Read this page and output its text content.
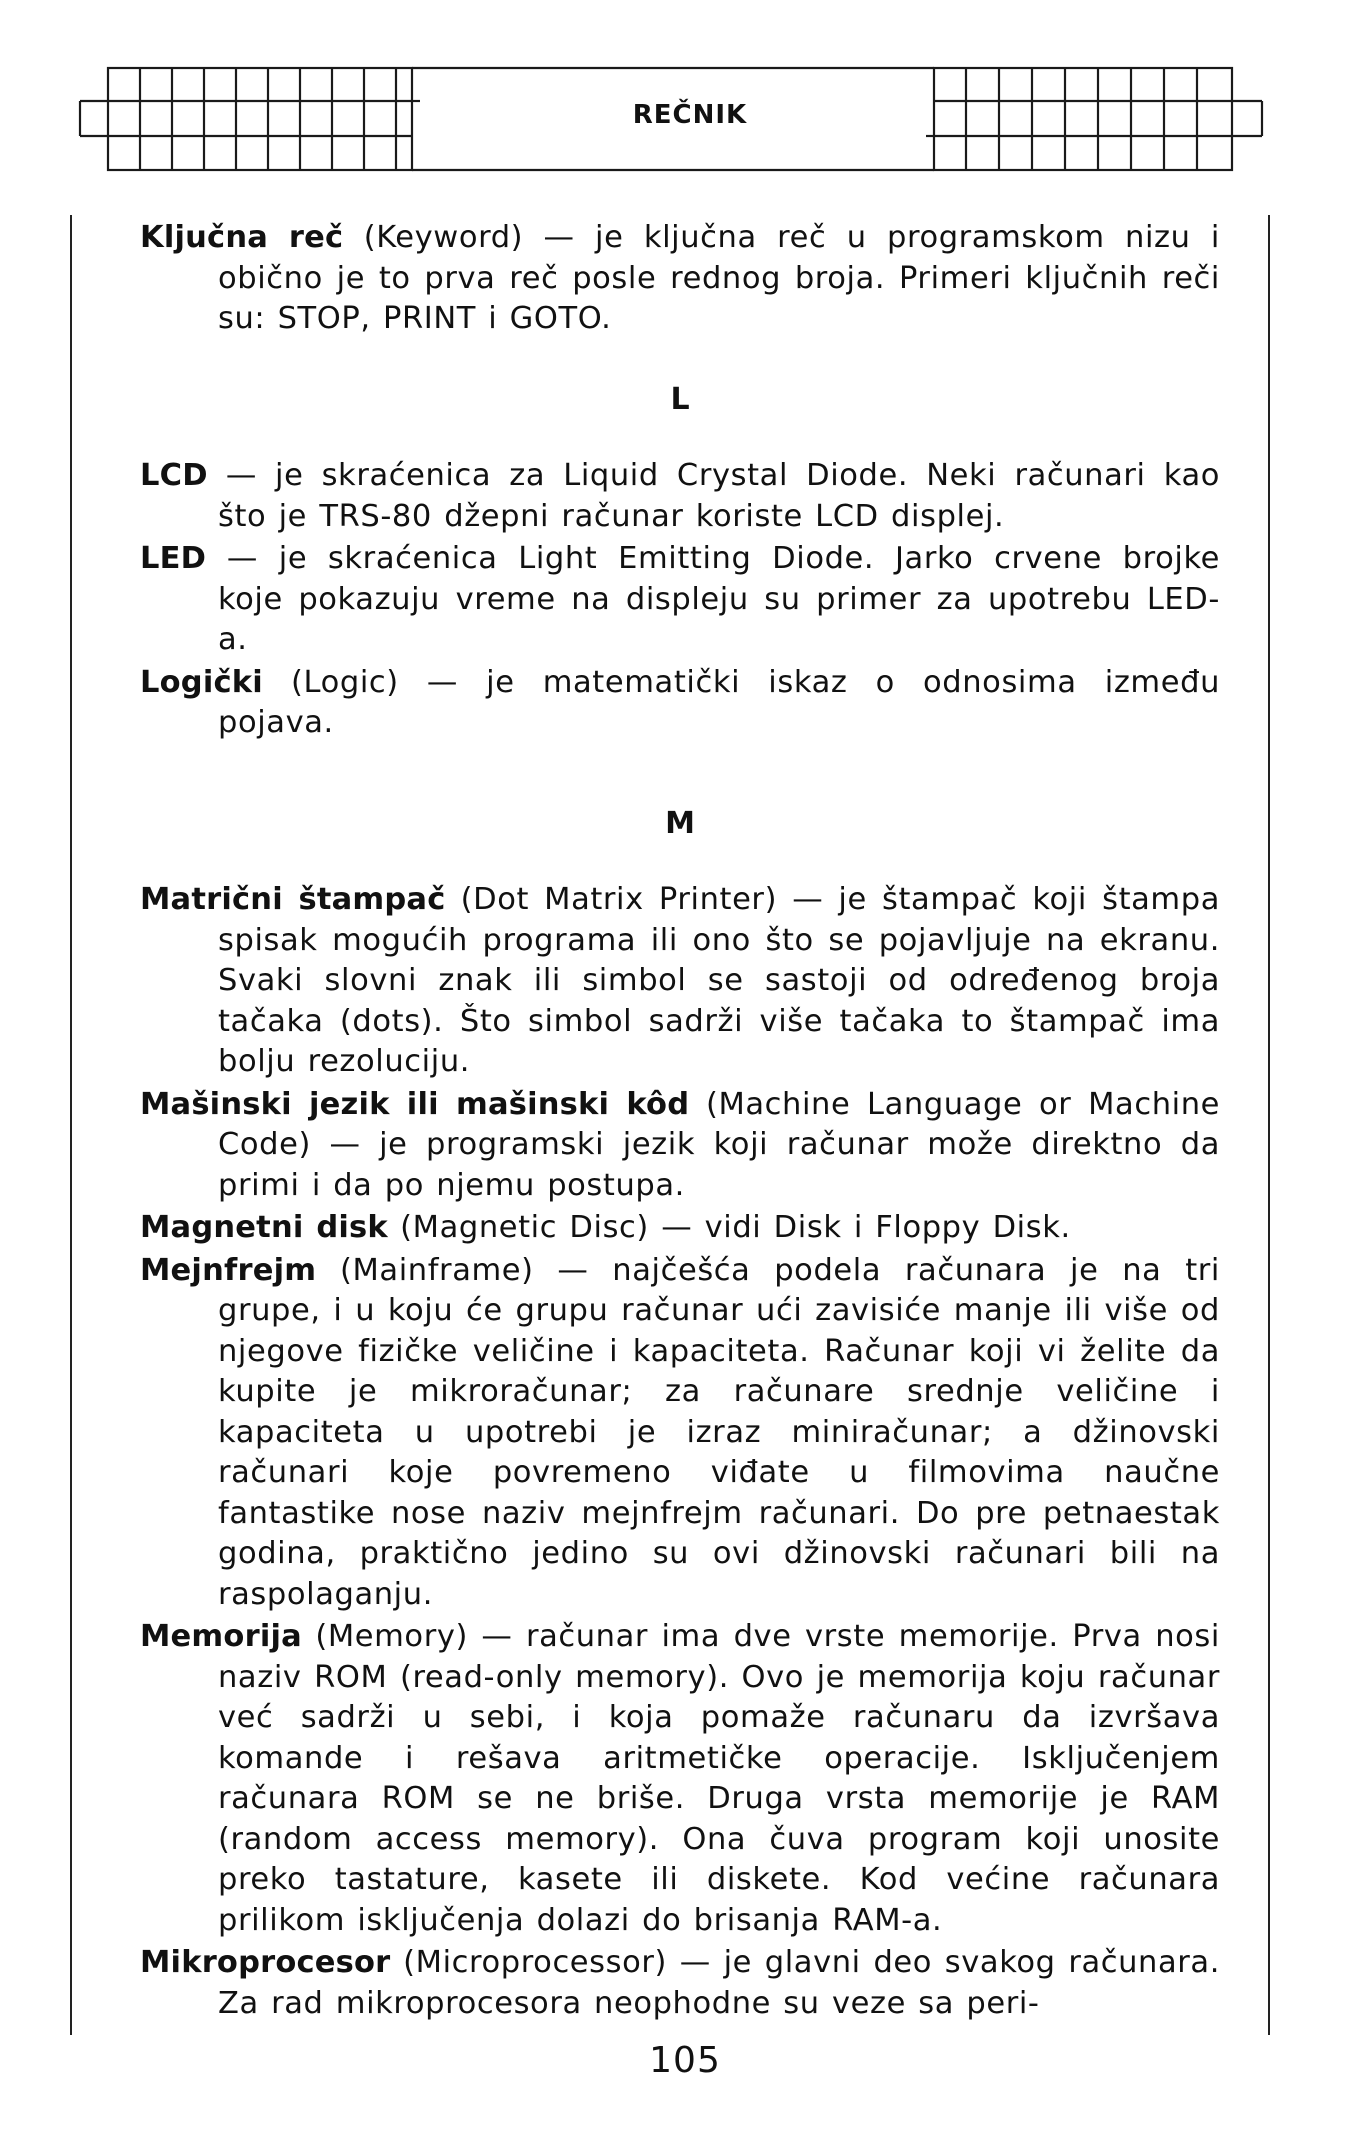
REČNIK

Ključna reč (Keyword) — je ključna reč u programskom nizu i obično je to prva reč posle rednog broja. Primeri ključnih reči su: STOP, PRINT i GOTO.

L

LCD — je skraćenica za Liquid Crystal Diode. Neki računari kao što je TRS-80 džepni računar koriste LCD displej.

LED — je skraćenica Light Emitting Diode. Jarko crvene brojke koje pokazuju vreme na displeju su primer za upotrebu LED-a.

Logički (Logic) — je matematički iskaz o odnosima između pojava.

M

Matrični štampač (Dot Matrix Printer) — je štampač koji štampa spisak mogućih programa ili ono što se pojavljuje na ekranu. Svaki slovni znak ili simbol se sastoji od određenog broja tačaka (dots). Što simbol sadrži više tačaka to štampač ima bolju rezoluciju.

Mašinski jezik ili mašinski kôd (Machine Language or Machine Code) — je programski jezik koji računar može direktno da primi i da po njemu postupa.

Magnetni disk (Magnetic Disc) — vidi Disk i Floppy Disk.

Mejnfrejm (Mainframe) — najčešća podela računara je na tri grupe, i u koju će grupu računar ući zavisiće manje ili više od njegove fizičke veličine i kapaciteta. Računar koji vi želite da kupite je mikroračunar; za računare srednje veličine i kapaciteta u upotrebi je izraz miniračunar; a džinovski računari koje povremeno viđate u filmovima naučne fantastike nose naziv mejnfrejm računari. Do pre petnaestak godina, praktično jedino su ovi džinovski računari bili na raspolaganju.

Memorija (Memory) — računar ima dve vrste memorije. Prva nosi naziv ROM (read-only memory). Ovo je memorija koju računar već sadrži u sebi, i koja pomaže računaru da izvršava komande i rešava aritmetičke operacije. Isključenjem računara ROM se ne briše. Druga vrsta memorije je RAM (random access memory). Ona čuva program koji unosite preko tastature, kasete ili diskete. Kod većine računara prilikom isključenja dolazi do brisanja RAM-a.

Mikroprocesor (Microprocessor) — je glavni deo svakog računara. Za rad mikroprocesora neophodne su veze sa peri-

105
